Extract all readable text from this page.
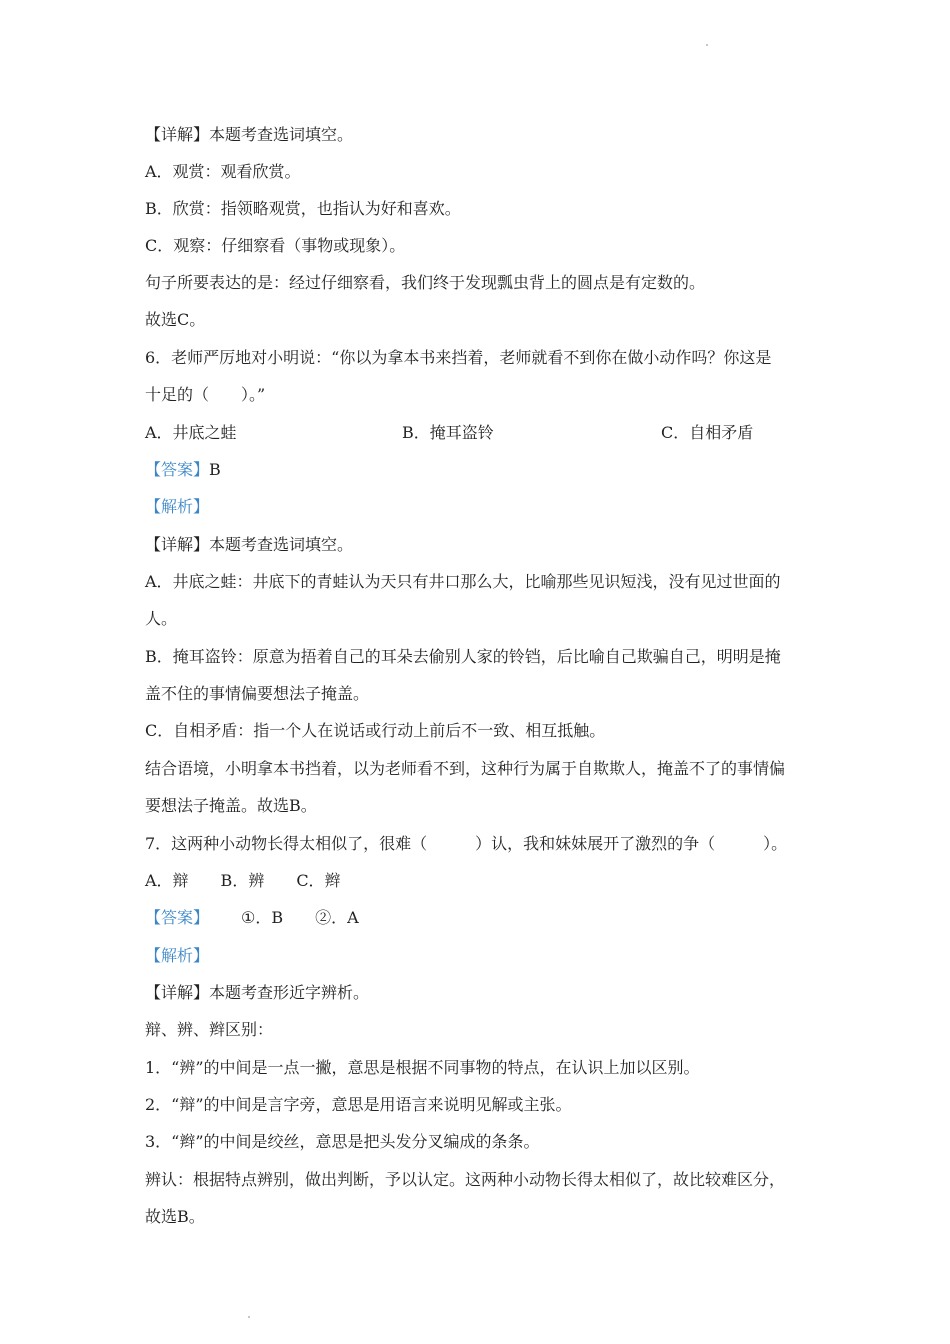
【详解】本题考查选词填空。
A．观赏：观看欣赏。
B．欣赏：指领略观赏，也指认为好和喜欢。
C．观察：仔细察看（事物或现象）。
句子所要表达的是：经过仔细察看，我们终于发现瓢虫背上的圆点是有定数的。
故选C。
6．老师严厉地对小明说：“你以为拿本书来挡着，老师就看不到你在做小动作吗？你这是
十足的（　　）。”
A．井底之蛙	B．掩耳盗铃	C．自相矛盾
【答案】B
【解析】
【详解】本题考查选词填空。
A．井底之蛙：井底下的青蛙认为天只有井口那么大，比喻那些见识短浅，没有见过世面的
人。
B．掩耳盗铃：原意为捂着自己的耳朵去偷别人家的铃铛，后比喻自己欺骗自己，明明是掩
盖不住的事情偏要想法子掩盖。
C．自相矛盾：指一个人在说话或行动上前后不一致、相互抵触。
结合语境，小明拿本书挡着，以为老师看不到，这种行为属于自欺欺人，掩盖不了的事情偏
要想法子掩盖。故选B。
7．这两种小动物长得太相似了，很难（　　　）认，我和妹妹展开了激烈的争（　　　）。
A．辩　　B．辨　　C．辫
【答案】 ①．B　　②．A
【解析】
【详解】本题考查形近字辨析。
辩、辨、辫区别：
1．“辨”的中间是一点一撇，意思是根据不同事物的特点，在认识上加以区别。
2．“辩”的中间是言字旁，意思是用语言来说明见解或主张。
3．“辫”的中间是绞丝，意思是把头发分叉编成的条条。
辨认：根据特点辨别，做出判断，予以认定。这两种小动物长得太相似了，故比较难区分，
故选B。
